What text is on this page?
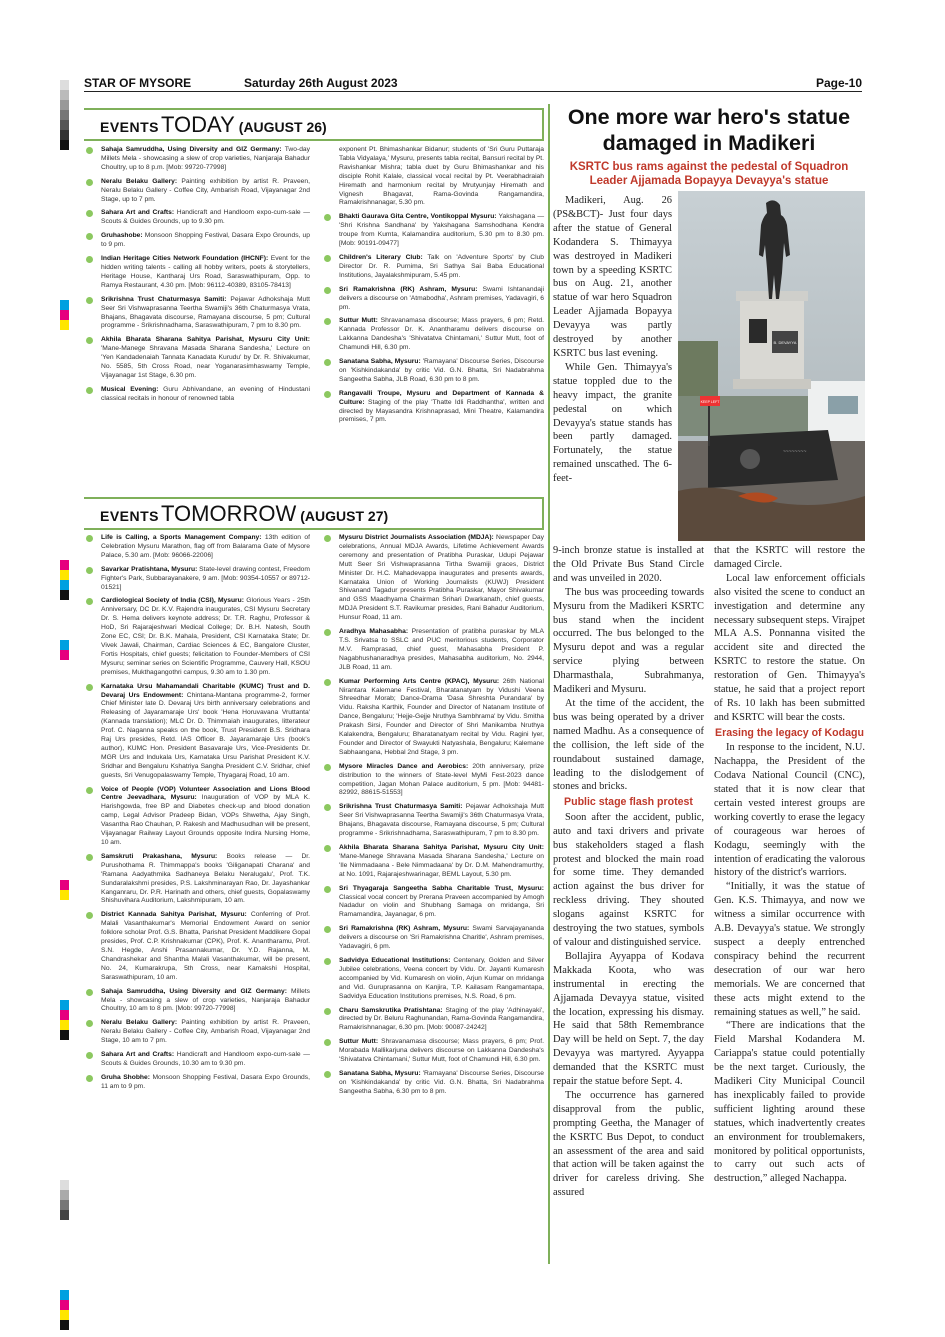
STAR OF MYSORE	Saturday 26th August 2023	Page-10
EVENTSTODAY (AUGUST 26)
Sahaja Samruddha, Using Diversity and GIZ Germany: Two-day Millets Mela - showcasing a slew of crop varieties, Nanjaraja Bahadur Choultry, up to 8 p.m. [Mob: 99720-77998]
Neralu Belaku Gallery: Painting exhibition by artist R. Praveen, Neralu Belaku Gallery - Coffee City, Ambarish Road, Vijayanagar 2nd Stage, up to 7 pm.
Sahara Art and Crafts: Handicraft and Handloom expo-cum-sale — Scouts & Guides Grounds, up to 9.30 pm.
Gruhashobe: Monsoon Shopping Festival, Dasara Expo Grounds, up to 9 pm.
Indian Heritage Cities Network Foundation (IHCNF): Event for the hidden writing talents - calling all hobby writers, poets & storytellers, Heritage House, Kantharaj Urs Road, Saraswathipuram, Opp. to Ramya Restaurant, 4.30 pm. [Mob: 96112-40389, 83105-78413]
Srikrishna Trust Chaturmasya Samiti: Pejawar Adhokshaja Mutt Seer Sri Vishwaprasanna Teertha Swamiji's 36th Chaturmasya Vrata, Bhajans, Bhagavata discourse, Ramayana discourse, 5 pm; Cultural programme - Srikrishnadhama, Saraswathipuram, 7 pm to 8.30 pm.
Akhila Bharata Sharana Sahitya Parishat, Mysuru City Unit: 'Mane-Manege Shravana Masada Sharana Sandesha,' Lecture on 'Yen Kandadenaiah Tannata Kanadata Kurudu' by Dr. R. Shivakumar, No. 5585, 5th Cross Road, near Yoganarasimhaswamy Temple, Vijayanagar 1st Stage, 6.30 pm.
Musical Evening: Guru Abhivandane, an evening of Hindustani classical recitals in honour of renowned tabla
exponent Pt. Bhimashankar Bidanur; students of 'Sri Guru Puttaraja Tabla Vidyalaya,' Mysuru, presents tabla recital, Bansuri recital by Pt. Ravishankar Mishra; tabla duet by Guru Bhimashankar and his disciple Rohit Kalale, classical vocal recital by Pt. Veerabhadraiah Hiremath and harmonium recital by Mrutyunjay Hiremath and Vignesh Bhagavat, Rama-Govinda Rangamandira, Ramakrishnanagar, 5.30 pm.
Bhakti Gaurava Gita Centre, Vontikoppal Mysuru: Yakshagana — 'Shri Krishna Sandhana' by Yakshagana Samshodhana Kendra troupe from Kumta, Kalamandira auditorium, 5.30 pm to 8.30 pm. [Mob: 90191-09477]
Children's Literary Club: Talk on 'Adventure Sports' by Club Director Dr. R. Purnima, Sri Sathya Sai Baba Educational Institutions, Jayalakshmipuram, 5.45 pm.
Sri Ramakrishna (RK) Ashram, Mysuru: Swami Ishtanandaji delivers a discourse on 'Atmabodha', Ashram premises, Yadavagiri, 6 pm.
Suttur Mutt: Shravanamasa discourse; Mass prayers, 6 pm; Retd. Kannada Professor Dr. K. Anantharamu delivers discourse on Lakkanna Dandesha's 'Shivatatva Chintamani,' Suttur Mutt, foot of Chamundi Hill, 6.30 pm.
Sanatana Sabha, Mysuru: 'Ramayana' Discourse Series, Discourse on 'Kishkindakanda' by critic Vid. G.N. Bhatta, Sri Nadabrahma Sangeetha Sabha, JLB Road, 6.30 pm to 8 pm.
Rangavalli Troupe, Mysuru and Department of Kannada & Culture: Staging of the play 'Thatte Idli Raddhantha', written and directed by Mayasandra Krishnaprasad, Mini Theatre, Kalamandira premises, 7 pm.
EVENTSTOMORROW (AUGUST 27)
Life is Calling, a Sports Management Company: 13th edition of Celebration Mysuru Marathon, flag off from Balarama Gate of Mysore Palace, 5.30 am. [Mob: 96066-22006]
Savarkar Pratishtana, Mysuru: State-level drawing contest, Freedom Fighter's Park, Subbarayanakere, 9 am. [Mob: 90354-10557 or 89712-01521]
Cardiological Society of India (CSI), Mysuru: Glorious Years - 25th Anniversary, DC Dr. K.V. Rajendra inaugurates, CSI Mysuru Secretary Dr. S. Hema delivers keynote address; Dr. T.R. Raghu, Professor & HoD, Sri Rajarajeshwari Medical College; Dr. B.H. Natesh, South Zone EC, CSI; Dr. B.K. Mahala, President, CSI Karnataka State; Dr. Vivek Jawali, Chairman, Cardiac Sciences & EC, Bangalore Cluster, Fortis Hospitals, chief guests; felicitation to Founder-Members of CSI Mysuru; seminar series on Scientific Programme, Cauvery Hall, KSOU premises, Mukthagangothri campus, 9.30 am to 1.30 pm.
Karnataka Ursu Mahamandali Charitable (KUMC) Trust and D. Devaraj Urs Endowment: Chintana-Mantana programme-2, former Chief Minister late D. Devaraj Urs birth anniversary celebrations and Releasing of Jayaramaraje Urs' book 'Hena Horuvavana Vruttanta' (Kannada translation); MLC Dr. D. Thimmaiah inaugurates, litterateur Prof. C. Naganna speaks on the book, Trust President B.S. Sridhara Raj Urs presides, Retd. IAS Officer B. Jayaramaraje Urs (book's author), KUMC Hon. President Basavaraje Urs, Vice-Presidents Dr. MGR Urs and Indukala Urs, Karnataka Ursu Parishat President K.V. Sridhar and Bengaluru Kshatriya Sangha President C.V. Sridhar, chief guests, Sri Venugopalaswamy Temple, Thyagaraj Road, 10 am.
Voice of People (VOP) Volunteer Association and Lions Blood Centre Jeevadhara, Mysuru: Inauguration of VOP by MLA K. Harishgowda, free BP and Diabetes check-up and blood donation camp, Legal Advisor Pradeep Bidan, VOPs Shwetha, Ajay Singh, Vasantha Rao Chauhan, P. Rakesh and Madhusudhan will be present, Vijayanagar Railway Layout Grounds opposite Indira Nursing Home, 10 am.
Samskruti Prakashana, Mysuru: Books release — Dr. Purushothama R. Thimmappa's books 'Giliganapati Charana' and 'Ramana Aadyathmika Sadhaneya Belaku Neralugalu', Prof. T.K. Sundaralakshmi presides, P.S. Lakshminarayan Rao, Dr. Jayashankar Kanganraru, Dr. P.R. Harinath and others, chief guests, Gopalaswamy Shishuvihara Auditorium, Lakshmipuram, 10 am.
District Kannada Sahitya Parishat, Mysuru: Conferring of Prof. Malali Vasanthakumar's Memorial Endowment Award on senior folklore scholar Prof. G.S. Bhatta, Parishat President Maddikere Gopal presides, Prof. C.P. Krishnakumar (CPK), Prof. K. Anantharamu, Prof. S.N. Hegde, Anshi Prasannakumar, Dr. Y.D. Rajanna, M. Chandrashekar and Shantha Malali Vasanthakumar, will be present, No. 24, Kumarakrupa, 5th Cross, near Kamakshi Hospital, Saraswathipuram, 10 am.
Sahaja Samruddha, Using Diversity and GIZ Germany: Millets Mela - showcasing a slew of crop varieties, Nanjaraja Bahadur Choultry, 10 am to 8 pm. [Mob: 99720-77998]
Neralu Belaku Gallery: Painting exhibition by artist R. Praveen, Neralu Belaku Gallery - Coffee City, Ambarish Road, Vijayanagar 2nd Stage, 10 am to 7 pm.
Sahara Art and Crafts: Handicraft and Handloom expo-cum-sale — Scouts & Guides Grounds, 10.30 am to 9.30 pm.
Gruha Shobhe: Monsoon Shopping Festival, Dasara Expo Grounds, 11 am to 9 pm.
Mysuru District Journalists Association (MDJA): Newspaper Day celebrations, Annual MDJA Awards, Lifetime Achievement Awards ceremony and presentation of Pratibha Puraskar, Udupi Pejawar Mutt Seer Sri Vishwaprasanna Tirtha Swamiji graces, District Minister Dr. H.C. Mahadevappa inaugurates and presents awards, Karnataka Union of Working Journalists (KUWJ) President Shivanand Tagadur presents Pratibha Puraskar, Mayor Shivakumar and GSS Maadhyama Chairman Srihari Dwarkanath, chief guests, MDJA President S.T. Ravikumar presides, Rani Bahadur Auditorium, Hunsur Road, 11 am.
Aradhya Mahasabha: Presentation of pratibha puraskar by MLA T.S. Srivatsa to SSLC and PUC meritorious students, Corporator M.V. Ramprasad, chief guest, Mahasabha President P. Nagabhushanaradhya presides, Mahasabha auditorium, No. 2944, JLB Road, 11 am.
Kumar Performing Arts Centre (KPAC), Mysuru: 26th National Nirantara Kalemane Festival, Bharatanatyam by Vidushi Veena Shreedhar Morab; Dance-Drama 'Dasa Shreshta Purandara' by Vidu. Raksha Karthik, Founder and Director of Natanam Institute of Dance, Bengaluru; 'Hejje-Gejje Nruthya Sambhrama' by Vidu. Smitha Prakash Sirsi, Founder and Director of Shri Manikamba Nruthya Kalakendra, Bengaluru; Bharatanatyam recital by Vidu. Ragini Iyer, Founder and Director of Swayukti Natyashala, Bengaluru; Kalemane Sabhaangana, Hebbal 2nd Stage, 3 pm.
Mysore Miracles Dance and Aerobics: 20th anniversary, prize distribution to the winners of State-level MyMi Fest-2023 dance competition, Jagan Mohan Palace auditorium, 5 pm. [Mob: 94481-82992, 88615-51553]
Srikrishna Trust Chaturmasya Samiti: Pejawar Adhokshaja Mutt Seer Sri Vishwaprasanna Teertha Swamiji's 36th Chaturmasya Vrata, Bhajans, Bhagavata discourse, Ramayana discourse, 5 pm; Cultural programme - Srikrishnadhama, Saraswathipuram, 7 pm to 8.30 pm.
Akhila Bharata Sharana Sahitya Parishat, Mysuru City Unit: 'Mane-Manege Shravana Masada Sharana Sandesha,' Lecture on 'Ile Nimmadaana - Bele Nimmadaana' by Dr. D.M. Mahendramurthy, at No. 1091, Rajarajeshwarinagar, BEML Layout, 5.30 pm.
Sri Thyagaraja Sangeetha Sabha Charitable Trust, Mysuru: Classical vocal concert by Prerana Praveen accompanied by Amogh Nadadur on violin and Shubhang Samaga on mridanga, Sri Ramamandira, Jayanagar, 6 pm.
Sri Ramakrishna (RK) Ashram, Mysuru: Swami Sarvajayananda delivers a discourse on 'Sri Ramakrishna Charitle', Ashram premises, Yadavagiri, 6 pm.
Sadvidya Educational Institutions: Centenary, Golden and Silver Jubilee celebrations, Veena concert by Vidu. Dr. Jayanti Kumaresh accompanied by Vid. Kumaresh on violin, Arjun Kumar on mridanga and Vid. Guruprasanna on Kanjira, T.P. Kailasam Rangamantapa, Sadvidya Education Institutions premises, N.S. Road, 6 pm.
Charu Samskrutika Pratishtana: Staging of the play 'Adhinayaki', directed by Dr. Beluru Raghunandan, Rama-Govinda Rangamandira, Ramakrishnanagar, 6.30 pm. [Mob: 90087-24242]
Suttur Mutt: Shravanamasa discourse; Mass prayers, 6 pm; Prof. Morabada Mallikarjuna delivers discourse on Lakkanna Dandesha's 'Shivatatva Chintamani,' Suttur Mutt, foot of Chamundi Hill, 6.30 pm.
Sanatana Sabha, Mysuru: 'Ramayana' Discourse Series, Discourse on 'Kishkindakanda' by critic Vid. G.N. Bhatta, Sri Nadabrahma Sangeetha Sabha, 6.30 pm to 8 pm.
One more war hero's statue damaged in Madikeri
KSRTC bus rams against the pedestal of Squadron Leader Ajjamada Bopayya Devayya's statue
B. DEVAYYA
~~~~~~~~
KEEP LEFT

Madikeri, Aug. 26 (PS&BCT)- Just four days after the statue of General Kodandera S. Thimayya was destroyed in Madikeri town by a speeding KSRTC bus on Aug. 21, another statue of war hero Squadron Leader Ajjamada Bopayya Devayya was partly destroyed by another KSRTC bus last evening.

While Gen. Thimayya's statue toppled due to the heavy impact, the granite pedestal on which Devayya's statue stands has been partly damaged. Fortunately, the statue remained unscathed. The 6-feet-

9-inch bronze statue is installed at the Old Private Bus Stand Circle and was unveiled in 2020.

The bus was proceeding towards Mysuru from the Madikeri KSRTC bus stand when the incident occurred. The bus belonged to the Mysuru depot and was a regular service plying between Dharmasthala, Subrahmanya, Madikeri and Mysuru.

At the time of the accident, the bus was being operated by a driver named Madhu. As a consequence of the collision, the left side of the roundabout sustained damage, leading to the dislodgement of stones and bricks.

Public stage flash protest

Soon after the accident, public, auto and taxi drivers and private bus stakeholders staged a flash protest and blocked the main road for some time. They demanded action against the bus driver for reckless driving. They shouted slogans against KSRTC for destroying the two statues, symbols of valour and distinguished service.

Bollajira Ayyappa of Kodava Makkada Koota, who was instrumental in erecting the Ajjamada Devayya statue, visited the location, expressing his dismay. He said that 58th Remembrance Day will be held on Sept. 7, the day Devayya was martyred. Ayyappa demanded that the KSRTC must repair the statue before Sept. 4.

The occurrence has garnered disapproval from the public, prompting Geetha, the Manager of the KSRTC Bus Depot, to conduct an assessment of the area and said that action will be taken against the driver for careless driving. She assured

that the KSRTC will restore the damaged Circle.

Local law enforcement officials also visited the scene to conduct an investigation and determine any necessary subsequent steps. Virajpet MLA A.S. Ponnanna visited the accident site and directed the KSRTC to restore the statue. On restoration of Gen. Thimayya's statue, he said that a project report of Rs. 10 lakh has been submitted and KSRTC will bear the costs.

Erasing the legacy of Kodagu

In response to the incident, N.U. Nachappa, the President of the Codava National Council (CNC), stated that it is now clear that certain vested interest groups are working covertly to erase the legacy of courageous war heroes of Kodagu, seemingly with the intention of eradicating the valorous history of the district's warriors.

“Initially, it was the statue of Gen. K.S. Thimayya, and now we witness a similar occurrence with A.B. Devayya's statue. We strongly suspect a deeply entrenched conspiracy behind the recurrent desecration of our war hero memorials. We are concerned that these acts might extend to the remaining statues as well,” he said.

“There are indications that the Field Marshal Kodandera M. Cariappa's statue could potentially be the next target. Curiously, the Madikeri City Municipal Council has inexplicably failed to provide sufficient lighting around these statues, which inadvertently creates an environment for troublemakers, monitored by political opportunists, to carry out such acts of destruction,” alleged Nachappa.
